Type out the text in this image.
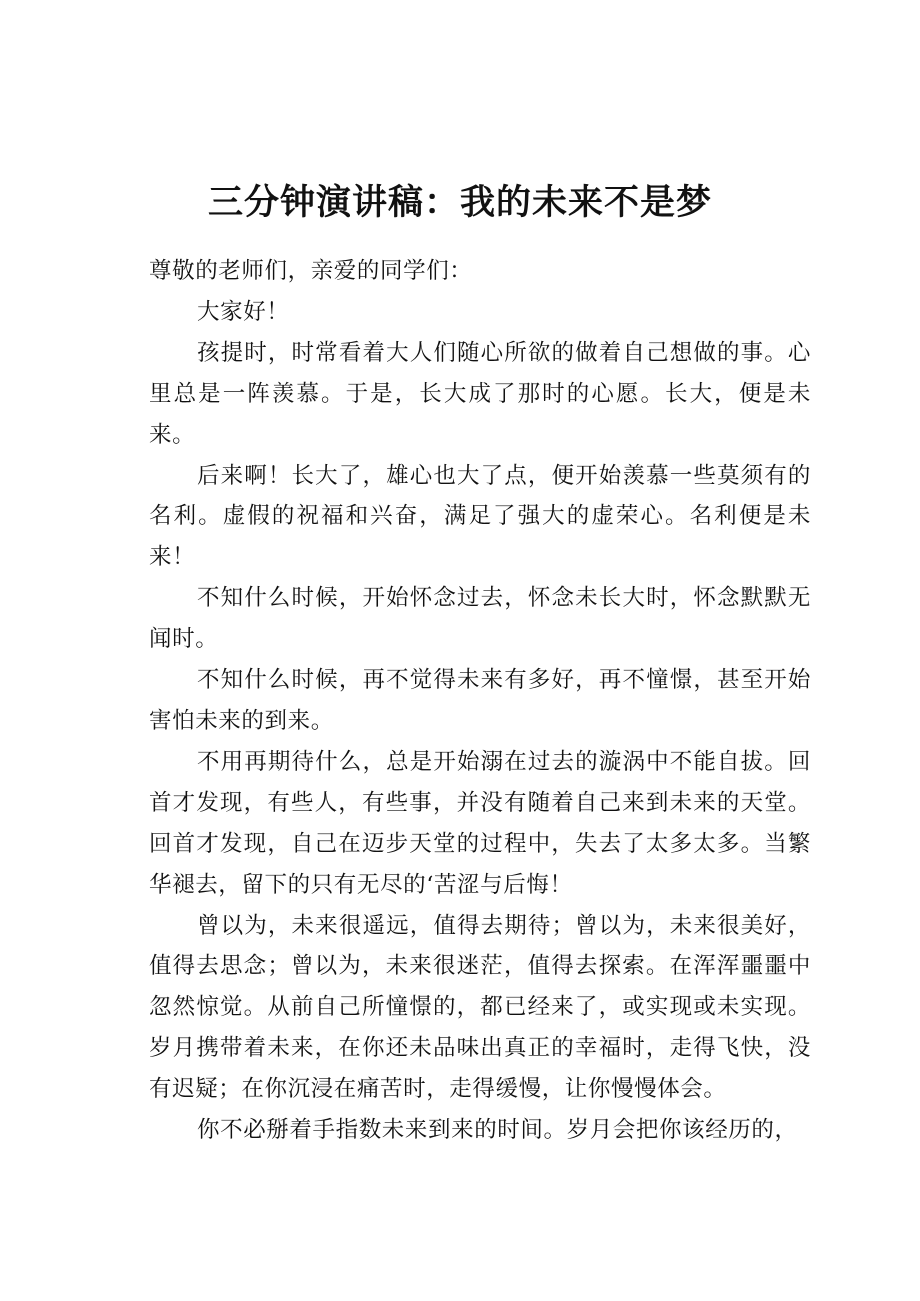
三分钟演讲稿：我的未来不是梦

尊敬的老师们，亲爱的同学们：

大家好！

孩提时，时常看着大人们随心所欲的做着自己想做的事。心里总是一阵羡慕。于是，长大成了那时的心愿。长大，便是未来。

后来啊！长大了，雄心也大了点，便开始羡慕一些莫须有的名利。虚假的祝福和兴奋，满足了强大的虚荣心。名利便是未来！

不知什么时候，开始怀念过去，怀念未长大时，怀念默默无闻时。

不知什么时候，再不觉得未来有多好，再不憧憬，甚至开始害怕未来的到来。

不用再期待什么，总是开始溺在过去的漩涡中不能自拔。回首才发现，有些人，有些事，并没有随着自己来到未来的天堂。回首才发现，自己在迈步天堂的过程中，失去了太多太多。当繁华褪去，留下的只有无尽的‘苦涩与后悔！

曾以为，未来很遥远，值得去期待；曾以为，未来很美好，值得去思念；曾以为，未来很迷茫，值得去探索。在浑浑噩噩中忽然惊觉。从前自己所憧憬的，都已经来了，或实现或未实现。岁月携带着未来，在你还未品味出真正的幸福时，走得飞快，没有迟疑；在你沉浸在痛苦时，走得缓慢，让你慢慢体会。

你不必掰着手指数未来到来的时间。岁月会把你该经历的，
